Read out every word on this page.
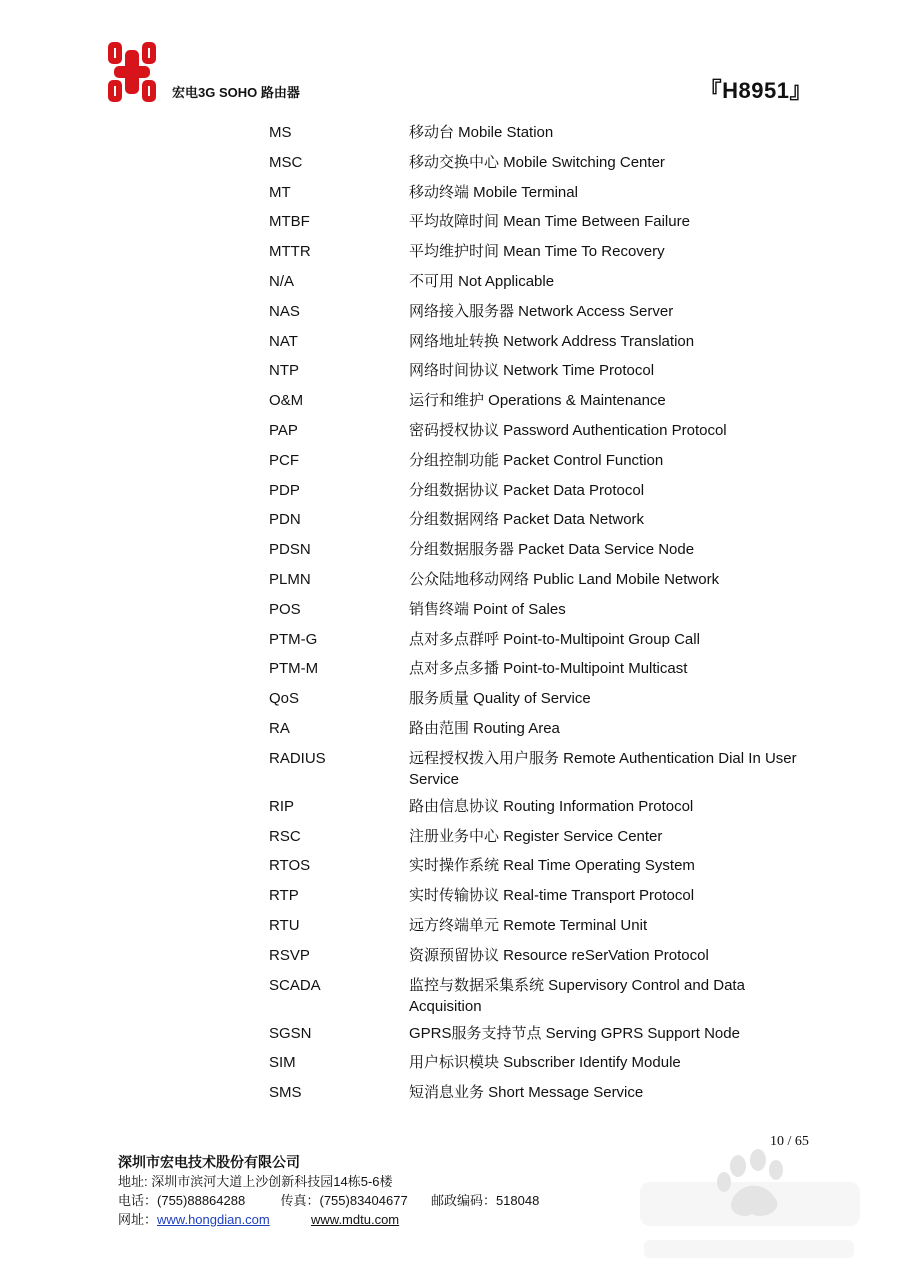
宏电3G SOHO 路由器	『H8951』
MS	移动台 Mobile Station
MSC	移动交换中心 Mobile Switching Center
MT	移动终端 Mobile Terminal
MTBF	平均故障时间 Mean Time Between Failure
MTTR	平均维护时间 Mean Time To Recovery
N/A	不可用 Not Applicable
NAS	网络接入服务器 Network Access Server
NAT	网络地址转换 Network Address Translation
NTP	网络时间协议 Network Time Protocol
O&M	运行和维护 Operations & Maintenance
PAP	密码授权协议 Password Authentication Protocol
PCF	分组控制功能 Packet Control Function
PDP	分组数据协议 Packet Data Protocol
PDN	分组数据网络 Packet Data Network
PDSN	分组数据服务器 Packet Data Service Node
PLMN	公众陆地移动网络 Public Land Mobile Network
POS	销售终端 Point of Sales
PTM-G	点对多点群呼 Point-to-Multipoint Group Call
PTM-M	点对多点多播 Point-to-Multipoint Multicast
QoS	服务质量 Quality of Service
RA	路由范围 Routing Area
RADIUS	远程授权拨入用户服务 Remote Authentication Dial In User Service
RIP	路由信息协议 Routing Information Protocol
RSC	注册业务中心 Register Service Center
RTOS	实时操作系统 Real Time Operating System
RTP	实时传输协议 Real-time Transport Protocol
RTU	远方终端单元 Remote Terminal Unit
RSVP	资源预留协议 Resource reSerVation Protocol
SCADA	监控与数据采集系统 Supervisory Control and Data Acquisition
SGSN	GPRS服务支持节点 Serving GPRS Support Node
SIM	用户标识模块 Subscriber Identify Module
SMS	短消息业务 Short Message Service
10 / 65
深圳市宏电技术股份有限公司
地址: 深圳市滨河大道上沙创新科技园14栋5-6楼
电话：(755)88864288	传真：(755)83404677 邮政编码：518048
网址：www.hongdian.com	www.mdtu.com
